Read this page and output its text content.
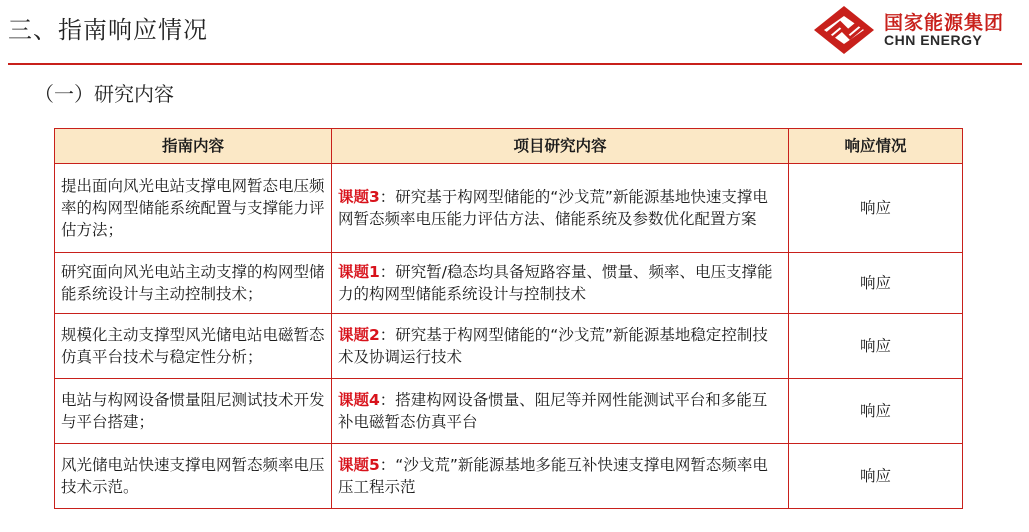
三、指南响应情况	国家能源集团
CHN ENERGY
（一）研究内容
指南内容	项目研究内容	响应情况
提出面向风光电站支撑电网暂态电压频率的构网型储能系统配置与支撑能力评估方法；	课题3：研究基于构网型储能的“沙戈荒”新能源基地快速支撑电网暂态频率电压能力评估方法、储能系统及参数优化配置方案	响应
研究面向风光电站主动支撑的构网型储能系统设计与主动控制技术；	课题1：研究暂/稳态均具备短路容量、惯量、频率、电压支撑能力的构网型储能系统设计与控制技术	响应
规模化主动支撑型风光储电站电磁暂态仿真平台技术与稳定性分析；	课题2：研究基于构网型储能的“沙戈荒”新能源基地稳定控制技术及协调运行技术	响应
电站与构网设备惯量阻尼测试技术开发与平台搭建；	课题4：搭建构网设备惯量、阻尼等并网性能测试平台和多能互补电磁暂态仿真平台	响应
风光储电站快速支撑电网暂态频率电压技术示范。	课题5：“沙戈荒”新能源基地多能互补快速支撑电网暂态频率电压工程示范	响应
